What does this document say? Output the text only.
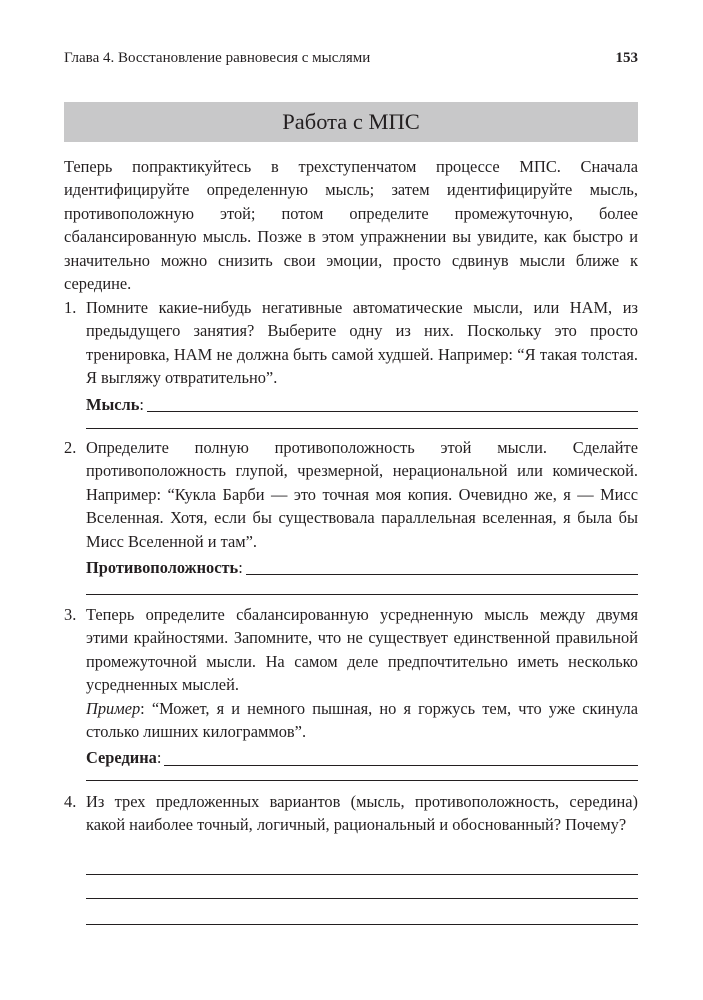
Глава 4. Восстановление равновесия с мыслями	153
Работа с МПС
Теперь попрактикуйтесь в трехступенчатом процессе МПС. Сначала идентифицируйте определенную мысль; затем идентифицируйте мысль, противоположную этой; потом определите промежуточную, более сбалансированную мысль. Позже в этом упражнении вы увидите, как быстро и значительно можно снизить свои эмоции, просто сдвинув мысли ближе к середине.
1. Помните какие-нибудь негативные автоматические мысли, или НАМ, из предыдущего занятия? Выберите одну из них. Поскольку это просто тренировка, НАМ не должна быть самой худшей. Например: “Я такая толстая. Я выгляжу отвратительно”.

Мысль :
2. Определите полную противоположность этой мысли. Сделайте противоположность глупой, чрезмерной, нерациональной или комической. Например: “Кукла Барби — это точная моя копия. Очевидно же, я — Мисс Вселенная. Хотя, если бы существовала параллельная вселенная, я была бы Мисс Вселенной и там”.

Противоположность :
3. Теперь определите сбалансированную усредненную мысль между двумя этими крайностями. Запомните, что не существует единственной правильной промежуточной мысли. На самом деле предпочтительно иметь несколько усредненных мыслей.

Пример: “Может, я и немного пышная, но я горжусь тем, что уже скинула столько лишних килограммов”.

Середина :
4. Из трех предложенных вариантов (мысль, противоположность, середина) какой наиболее точный, логичный, рациональный и обоснованный? Почему?
